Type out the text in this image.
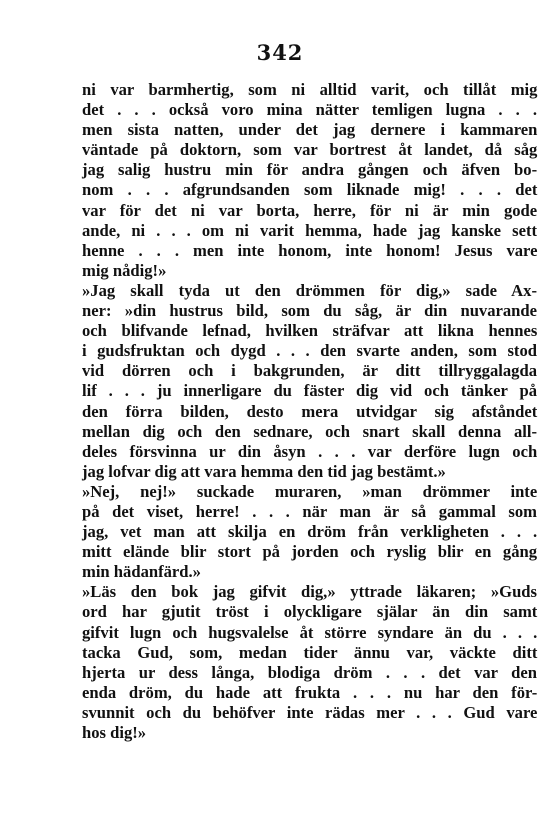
342

ni var barmhertig, som ni alltid varit, och tillåt mig
det . . . också voro mina nätter temligen lugna . . .
men sista natten, under det jag dernere i kammaren
väntade på doktorn, som var bortrest åt landet, då såg
jag salig hustru min för andra gången och äfven bo-
nom . . . afgrundsanden som liknade mig! . . . det
var för det ni var borta, herre, för ni är min gode
ande, ni . . . om ni varit hemma, hade jag kanske sett
henne . . . men inte honom, inte honom! Jesus vare
mig nådig!»

»Jag skall tyda ut den drömmen för dig,» sade Ax-
ner: »din hustrus bild, som du såg, är din nuvarande
och blifvande lefnad, hvilken sträfvar att likna hennes
i gudsfruktan och dygd . . . den svarte anden, som stod
vid dörren och i bakgrunden, är ditt tillryggalagda
lif . . . ju innerligare du fäster dig vid och tänker på
den förra bilden, desto mera utvidgar sig afståndet
mellan dig och den sednare, och snart skall denna all-
deles försvinna ur din åsyn . . . var derföre lugn och
jag lofvar dig att vara hemma den tid jag bestämt.»

»Nej, nej!» suckade muraren, »man drömmer inte
på det viset, herre! . . . när man är så gammal som
jag, vet man att skilja en dröm från verkligheten . . .
mitt elände blir stort på jorden och ryslig blir en gång
min hädanfärd.»

»Läs den bok jag gifvit dig,» yttrade läkaren; »Guds
ord har gjutit tröst i olyckligare själar än din samt
gifvit lugn och hugsvalelse åt större syndare än du . . .
tacka Gud, som, medan tider ännu var, väckte ditt
hjerta ur dess långa, blodiga dröm . . . det var den
enda dröm, du hade att frukta . . . nu har den för-
svunnit och du behöfver inte rädas mer . . . Gud vare
hos dig!»
